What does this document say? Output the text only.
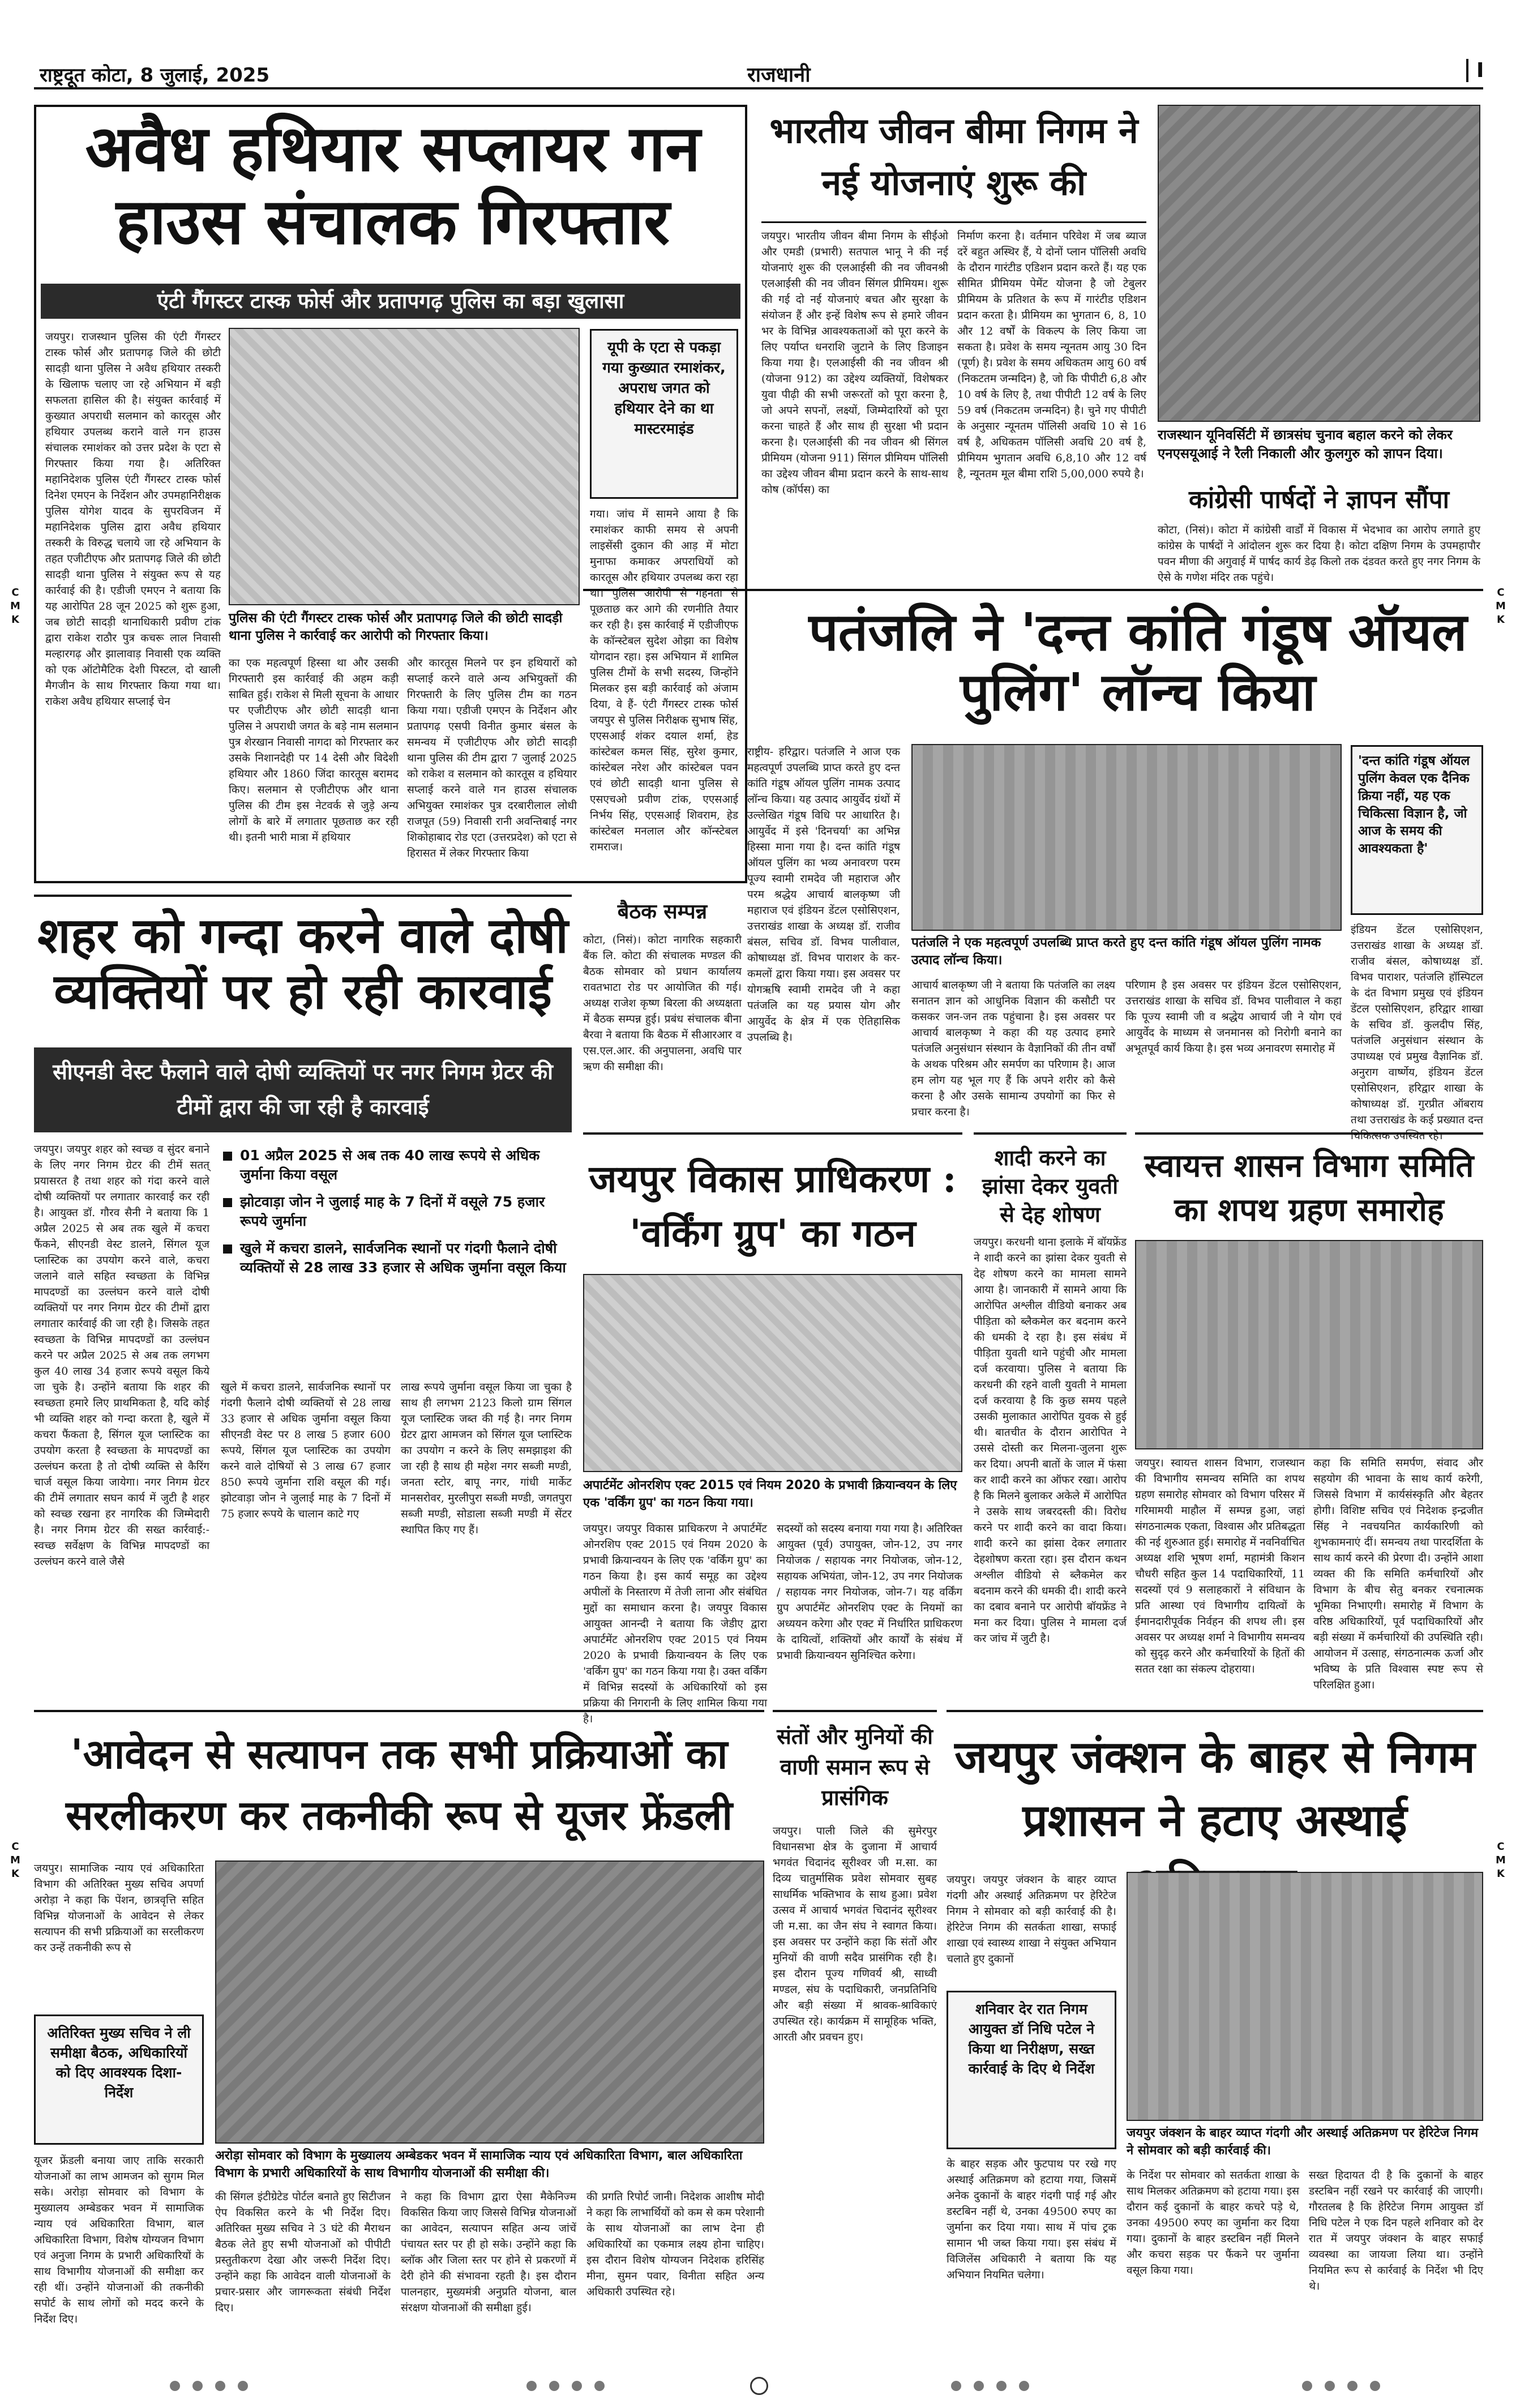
राष्ट्रदूत कोटा, 8 जुलाई, 2025	राजधानी	I
C
M
K
C
M
K
C
M
K
C
M
K
अवैध हथियार सप्लायर गन हाउस संचालक गिरफ्तार
एंटी गैंगस्टर टास्क फोर्स और प्रतापगढ़ पुलिस का बड़ा खुलासा
जयपुर। राजस्थान पुलिस की एंटी गैंगस्टर टास्क फोर्स और प्रतापगढ़ जिले की छोटी सादड़ी थाना पुलिस ने अवैध हथियार तस्करी के खिलाफ चलाए जा रहे अभियान में बड़ी सफलता हासिल की है। संयुक्त कार्रवाई में कुख्यात अपराधी सलमान को कारतूस और हथियार उपलब्ध कराने वाले गन हाउस संचालक रमाशंकर को उत्तर प्रदेश के एटा से गिरफ्तार किया गया है। अतिरिक्त महानिदेशक पुलिस एंटी गैंगस्टर टास्क फोर्स दिनेश एमएन के निर्देशन और उपमहानिरीक्षक पुलिस योगेश यादव के सुपरविजन में महानिदेशक पुलिस द्वारा अवैध हथियार तस्करी के विरुद्ध चलाये जा रहे अभियान के तहत एजीटीएफ और प्रतापगढ़ जिले की छोटी सादड़ी थाना पुलिस ने संयुक्त रूप से यह कार्रवाई की है। एडीजी एमएन ने बताया कि यह आरोपित 28 जून 2025 को शुरू हुआ, जब छोटी सादड़ी थानाधिकारी प्रवीण टांक द्वारा राकेश राठौर पुत्र कचरू लाल निवासी मल्हारगढ़ और झालावाड़ निवासी एक व्यक्ति को एक ऑटोमैटिक देशी पिस्टल, दो खाली मैगजीन के साथ गिरफ्तार किया गया था। राकेश अवैध हथियार सप्लाई चेन
पुलिस की एंटी गैंगस्टर टास्क फोर्स और प्रतापगढ़ जिले की छोटी सादड़ी थाना पुलिस ने कार्रवाई कर आरोपी को गिरफ्तार किया।
यूपी के एटा से पकड़ा गया कुख्यात रमाशंकर, अपराध जगत को हथियार देने का था मास्टरमाइंड
का एक महत्वपूर्ण हिस्सा था और उसकी गिरफ्तारी इस कार्रवाई की अहम कड़ी साबित हुई। राकेश से मिली सूचना के आधार पर एजीटीएफ और छोटी सादड़ी थाना पुलिस ने अपराधी जगत के बड़े नाम सलमान पुत्र शेरखान निवासी नागदा को गिरफ्तार कर उसके निशानदेही पर 14 देसी और विदेशी हथियार और 1860 जिंदा कारतूस बरामद किए। सलमान से एजीटीएफ और थाना पुलिस की टीम इस नेटवर्क से जुड़े अन्य लोगों के बारे में लगातार पूछताछ कर रही थी। इतनी भारी मात्रा में हथियार
और कारतूस मिलने पर इन हथियारों को सप्लाई करने वाले अन्य अभियुक्तों की गिरफ्तारी के लिए पुलिस टीम का गठन किया गया। एडीजी एमएन के निर्देशन और प्रतापगढ़ एसपी विनीत कुमार बंसल के समन्वय में एजीटीएफ और छोटी सादड़ी थाना पुलिस की टीम द्वारा 7 जुलाई 2025 को राकेश व सलमान को कारतूस व हथियार सप्लाई करने वाले गन हाउस संचालक अभियुक्त रमाशंकर पुत्र दरबारीलाल लोधी राजपूत (59) निवासी रानी अवन्तिबाई नगर शिकोहाबाद रोड एटा (उत्तरप्रदेश) को एटा से हिरासत में लेकर गिरफ्तार किया
गया। जांच में सामने आया है कि रमाशंकर काफी समय से अपनी लाइसेंसी दुकान की आड़ में मोटा मुनाफा कमाकर अपराधियों को कारतूस और हथियार उपलब्ध करा रहा था। पुलिस आरोपी से गहनता से पूछताछ कर आगे की रणनीति तैयार कर रही है। इस कार्रवाई में एडीजीएफ के कॉन्स्टेबल सुदेश ओझा का विशेष योगदान रहा। इस अभियान में शामिल पुलिस टीमों के सभी सदस्य, जिन्होंने मिलकर इस बड़ी कार्रवाई को अंजाम दिया, वे हैं- एंटी गैंगस्टर टास्क फोर्स जयपुर से पुलिस निरीक्षक सुभाष सिंह, एएसआई शंकर दयाल शर्मा, हेड कांस्टेबल कमल सिंह, सुरेश कुमार, कांस्टेबल नरेश और कांस्टेबल पवन एवं छोटी सादड़ी थाना पुलिस से एसएचओ प्रवीण टांक, एएसआई निर्भय सिंह, एएसआई शिवराम, हेड कांस्टेबल मनलाल और कॉन्स्टेबल रामराज।
भारतीय जीवन बीमा निगम ने नई योजनाएं शुरू की
जयपुर। भारतीय जीवन बीमा निगम के सीईओ और एमडी (प्रभारी) सतपाल भानू ने की नई योजनाएं शुरू की एलआईसी की नव जीवनश्री एलआईसी की नव जीवन सिंगल प्रीमियम। शुरू की गई दो नई योजनाएं बचत और सुरक्षा के संयोजन हैं और इन्हें विशेष रूप से हमारे जीवन भर के विभिन्न आवश्यकताओं को पूरा करने के लिए पर्याप्त धनराशि जुटाने के लिए डिजाइन किया गया है। एलआईसी की नव जीवन श्री (योजना 912) का उद्देश्य व्यक्तियों, विशेषकर युवा पीढ़ी की सभी जरूरतों को पूरा करना है, जो अपने सपनों, लक्ष्यों, जिम्मेदारियों को पूरा करना चाहते हैं और साथ ही सुरक्षा भी प्रदान करना है। एलआईसी की नव जीवन श्री सिंगल प्रीमियम (योजना 911) सिंगल प्रीमियम पॉलिसी का उद्देश्य जीवन बीमा प्रदान करने के साथ-साथ कोष (कॉर्पस) का
निर्माण करना है। वर्तमान परिवेश में जब ब्याज दरें बहुत अस्थिर हैं, ये दोनों प्लान पॉलिसी अवधि के दौरान गारंटीड एडिशन प्रदान करते हैं। यह एक सीमित प्रीमियम पेमेंट योजना है जो टेबुलर प्रीमियम के प्रतिशत के रूप में गारंटीड एडिशन प्रदान करता है। प्रीमियम का भुगतान 6, 8, 10 और 12 वर्षों के विकल्प के लिए किया जा सकता है। प्रवेश के समय न्यूनतम आयु 30 दिन (पूर्ण) है। प्रवेश के समय अधिकतम आयु 60 वर्ष (निकटतम जन्मदिन) है, जो कि पीपीटी 6,8 और 10 वर्ष के लिए है, तथा पीपीटी 12 वर्ष के लिए 59 वर्ष (निकटतम जन्मदिन) है। चुने गए पीपीटी के अनुसार न्यूनतम पॉलिसी अवधि 10 से 16 वर्ष है, अधिकतम पॉलिसी अवधि 20 वर्ष है, प्रीमियम भुगतान अवधि 6,8,10 और 12 वर्ष है, न्यूनतम मूल बीमा राशि 5,00,000 रुपये है।
राजस्थान यूनिवर्सिटी में छात्रसंघ चुनाव बहाल करने को लेकर एनएसयूआई ने रैली निकाली और कुलगुरु को ज्ञापन दिया।
कांग्रेसी पार्षदों ने ज्ञापन सौंपा
कोटा, (निसं)। कोटा में कांग्रेसी वार्डों में विकास में भेदभाव का आरोप लगाते हुए कांग्रेस के पार्षदों ने आंदोलन शुरू कर दिया है। कोटा दक्षिण निगम के उपमहापौर पवन मीणा की अगुवाई में पार्षद कार्य डेढ़ किलो तक दंडवत करते हुए नगर निगम के ऐसे के गणेश मंदिर तक पहुंचे।
पतंजलि ने 'दन्त कांति गंडूष ऑयल पुलिंग' लॉन्च किया
राष्ट्रीय- हरिद्वार। पतंजलि ने आज एक महत्वपूर्ण उपलब्धि प्राप्त करते हुए दन्त कांति गंडूष ऑयल पुलिंग नामक उत्पाद लॉन्च किया। यह उत्पाद आयुर्वेद ग्रंथों में उल्लेखित गंडूष विधि पर आधारित है। आयुर्वेद में इसे 'दिनचर्या' का अभिन्न हिस्सा माना गया है। दन्त कांति गंडूष ऑयल पुलिंग का भव्य अनावरण परम पूज्य स्वामी रामदेव जी महाराज और परम श्रद्धेय आचार्य बालकृष्ण जी महाराज एवं इंडियन डेंटल एसोसिएशन, उत्तराखंड शाखा के अध्यक्ष डॉ. राजीव बंसल, सचिव डॉ. विभव पालीवाल, कोषाध्यक्ष डॉ. विभव पाराशर के कर-कमलों द्वारा किया गया। इस अवसर पर योगऋषि स्वामी रामदेव जी ने कहा पतंजलि का यह प्रयास योग और आयुर्वेद के क्षेत्र में एक ऐतिहासिक उपलब्धि है।
पतंजलि ने एक महत्वपूर्ण उपलब्धि प्राप्त करते हुए दन्त कांति गंडूष ऑयल पुलिंग नामक उत्पाद लॉन्च किया।
'दन्त कांति गंडूष ऑयल पुलिंग केवल एक दैनिक क्रिया नहीं, यह एक चिकित्सा विज्ञान है, जो आज के समय की आवश्यकता है'
आचार्य बालकृष्ण जी ने बताया कि पतंजलि का लक्ष्य सनातन ज्ञान को आधुनिक विज्ञान की कसौटी पर कसकर जन-जन तक पहुंचाना है। इस अवसर पर आचार्य बालकृष्ण ने कहा की यह उत्पाद हमारे पतंजलि अनुसंधान संस्थान के वैज्ञानिकों की तीन वर्षों के अथक परिश्रम और समर्पण का परिणाम है। आज हम लोग यह भूल गए हैं कि अपने शरीर को कैसे करना है और उसके सामान्य उपयोगों का फिर से प्रचार करना है।
परिणाम है इस अवसर पर इंडियन डेंटल एसोसिएशन, उत्तराखंड शाखा के सचिव डॉ. विभव पालीवाल ने कहा कि पूज्य स्वामी जी व श्रद्धेय आचार्य जी ने योग एवं आयुर्वेद के माध्यम से जनमानस को निरोगी बनाने का अभूतपूर्व कार्य किया है। इस भव्य अनावरण समारोह में
इंडियन डेंटल एसोसिएशन, उत्तराखंड शाखा के अध्यक्ष डॉ. राजीव बंसल, कोषाध्यक्ष डॉ. विभव पाराशर, पतंजलि हॉस्पिटल के दंत विभाग प्रमुख एवं इंडियन डेंटल एसोसिएशन, हरिद्वार शाखा के सचिव डॉ. कुलदीप सिंह, पतंजलि अनुसंधान संस्थान के उपाध्यक्ष एवं प्रमुख वैज्ञानिक डॉ. अनुराग वार्ष्णेय, इंडियन डेंटल एसोसिएशन, हरिद्वार शाखा के कोषाध्यक्ष डॉ. गुरप्रीत ऑबराय तथा उत्तराखंड के कई प्रख्यात दन्त चिकित्सक उपस्थित रहे।
बैठक सम्पन्न
कोटा, (निसं)। कोटा नागरिक सहकारी बैंक लि. कोटा की संचालक मण्डल की बैठक सोमवार को प्रधान कार्यालय रावतभाटा रोड पर आयोजित की गई। अध्यक्ष राजेश कृष्ण बिरला की अध्यक्षता में बैठक सम्पन्न हुई। प्रबंध संचालक बीना बैरवा ने बताया कि बैठक में सीआरआर व एस.एल.आर. की अनुपालना, अवधि पार ऋण की समीक्षा की।
शहर को गन्दा करने वाले दोषी व्यक्तियों पर हो रही कारवाई
सीएनडी वेस्ट फैलाने वाले दोषी व्यक्तियों पर नगर निगम ग्रेटर की टीमों द्वारा की जा रही है कारवाई
जयपुर। जयपुर शहर को स्वच्छ व सुंदर बनाने के लिए नगर निगम ग्रेटर की टीमें सतत् प्रयासरत है तथा शहर को गंदा करने वाले दोषी व्यक्तियों पर लगातार कारवाई कर रही है। आयुक्त डॉ. गौरव सैनी ने बताया कि 1 अप्रैल 2025 से अब तक खुले में कचरा फैंकने, सीएनडी वेस्ट डालने, सिंगल यूज प्लास्टिक का उपयोग करने वाले, कचरा जलाने वाले सहित स्वच्छता के विभिन्न मापदण्डों का उल्लंघन करने वाले दोषी व्यक्तियों पर नगर निगम ग्रेटर की टीमों द्वारा लगातार कार्रवाई की जा रही है। जिसके तहत स्वच्छता के विभिन्न मापदण्डों का उल्लंघन करने पर अप्रैल 2025 से अब तक लगभग कुल 40 लाख 34 हजार रूपये वसूल किये जा चुके है। उन्होंने बताया कि शहर की स्वच्छता हमारे लिए प्राथमिकता है, यदि कोई भी व्यक्ति शहर को गन्दा करता है, खुले में कचरा फैंकता है, सिंगल यूज प्लास्टिक का उपयोग करता है स्वच्छता के मापदण्डों का उल्लंघन करता है तो दोषी व्यक्ति से कैरिंग चार्ज वसूल किया जायेगा। नगर निगम ग्रेटर की टीमें लगातार सघन कार्य में जुटी है शहर को स्वच्छ रखना हर नागरिक की जिम्मेदारी है। नगर निगम ग्रेटर की सख्त कार्रवाई:- स्वच्छ सर्वेक्षण के विभिन्न मापदण्डों का उल्लंघन करने वाले जैसे
01 अप्रैल 2025 से अब तक 40 लाख रूपये से अधिक जुर्माना किया वसूल
झोटवाड़ा जोन ने जुलाई माह के 7 दिनों में वसूले 75 हजार रूपये जुर्माना
खुले में कचरा डालने, सार्वजनिक स्थानों पर गंदगी फैलाने दोषी व्यक्तियों से 28 लाख 33 हजार से अधिक जुर्माना वसूल किया
खुले में कचरा डालने, सार्वजनिक स्थानों पर गंदगी फैलाने दोषी व्यक्तियों से 28 लाख 33 हजार से अधिक जुर्माना वसूल किया सीएनडी वेस्ट पर 8 लाख 5 हजार 600 रूपये, सिंगल यूज प्लास्टिक का उपयोग करने वाले दोषियों से 3 लाख 67 हजार 850 रूपये जुर्माना राशि वसूल की गई। झोटवाड़ा जोन ने जुलाई माह के 7 दिनों में 75 हजार रूपये के चालान काटे गए
लाख रूपये जुर्माना वसूल किया जा चुका है साथ ही लगभग 2123 किलो ग्राम सिंगल यूज प्लास्टिक जब्त की गई है। नगर निगम ग्रेटर द्वारा आमजन को सिंगल यूज प्लास्टिक का उपयोग न करने के लिए समझाइश की जा रही है साथ ही महेश नगर सब्जी मण्डी, जनता स्टोर, बापू नगर, गांधी मार्केट मानसरोवर, मुरलीपुरा सब्जी मण्डी, जगतपुरा सब्जी मण्डी, सोडाला सब्जी मण्डी में सेंटर स्थापित किए गए हैं।
जयपुर विकास प्राधिकरण : 'वर्किंग ग्रुप' का गठन
अपार्टमेंट ओनरशिप एक्ट 2015 एवं नियम 2020 के प्रभावी क्रियान्वयन के लिए एक 'वर्किंग ग्रुप' का गठन किया गया।
जयपुर। जयपुर विकास प्राधिकरण ने अपार्टमेंट ओनरशिप एक्ट 2015 एवं नियम 2020 के प्रभावी क्रियान्वयन के लिए एक 'वर्किंग ग्रुप' का गठन किया है। इस कार्य समूह का उद्देश्य अपीलों के निस्तारण में तेजी लाना और संबंधित मुद्दों का समाधान करना है। जयपुर विकास आयुक्त आनन्दी ने बताया कि जेडीए द्वारा अपार्टमेंट ओनरशिप एक्ट 2015 एवं नियम 2020 के प्रभावी क्रियान्वयन के लिए एक 'वर्किंग ग्रुप' का गठन किया गया है। उक्त वर्किंग में विभिन्न सदस्यों के अधिकारियों को इस प्रक्रिया की निगरानी के लिए शामिल किया गया है।
सदस्यों को सदस्य बनाया गया गया है। अतिरिक्त आयुक्त (पूर्व) उपायुक्त, जोन-12, उप नगर नियोजक / सहायक नगर नियोजक, जोन-12, सहायक अभियंता, जोन-12, उप नगर नियोजक / सहायक नगर नियोजक, जोन-7। यह वर्किंग ग्रुप अपार्टमेंट ओनरशिप एक्ट के नियमों का अध्ययन करेगा और एक्ट में निर्धारित प्राधिकरण के दायित्वों, शक्तियों और कार्यों के संबंध में प्रभावी क्रियान्वयन सुनिश्चित करेगा।
शादी करने का झांसा देकर युवती से देह शोषण
जयपुर। करधनी थाना इलाके में बॉयफ्रेंड ने शादी करने का झांसा देकर युवती से देह शोषण करने का मामला सामने आया है। जानकारी में सामने आया कि आरोपित अश्लील वीडियो बनाकर अब पीड़िता को ब्लैकमेल कर बदनाम करने की धमकी दे रहा है। इस संबंध में पीड़िता युवती थाने पहुंची और मामला दर्ज करवाया। पुलिस ने बताया कि करधनी की रहने वाली युवती ने मामला दर्ज करवाया है कि कुछ समय पहले उसकी मुलाकात आरोपित युवक से हुई थी। बातचीत के दौरान आरोपित ने उससे दोस्ती कर मिलना-जुलना शुरू कर दिया। अपनी बातों के जाल में फंसा कर शादी करने का ऑफर रखा। आरोप है कि मिलने बुलाकर अकेले में आरोपित ने उसके साथ जबरदस्ती की। विरोध करने पर शादी करने का वादा किया। शादी करने का झांसा देकर लगातार देहशोषण करता रहा। इस दौरान कथन अश्लील वीडियो से ब्लैकमेल कर बदनाम करने की धमकी दी। शादी करने का दबाव बनाने पर आरोपी बॉयफ्रेंड ने मना कर दिया। पुलिस ने मामला दर्ज कर जांच में जुटी है।
स्वायत्त शासन विभाग समिति का शपथ ग्रहण समारोह
जयपुर। स्वायत्त शासन विभाग, राजस्थान की विभागीय समन्वय समिति का शपथ ग्रहण समारोह सोमवार को विभाग परिसर में गरिमामयी माहौल में सम्पन्न हुआ, जहां संगठनात्मक एकता, विश्वास और प्रतिबद्धता की नई शुरुआत हुई। समारोह में नवनिर्वाचित अध्यक्ष शशि भूषण शर्मा, महामंत्री किशन चौधरी सहित कुल 14 पदाधिकारियों, 11 सदस्यों एवं 9 सलाहकारों ने संविधान के प्रति आस्था एवं विभागीय दायित्वों के ईमानदारीपूर्वक निर्वहन की शपथ ली। इस अवसर पर अध्यक्ष शर्मा ने विभागीय समन्वय को सुदृढ़ करने और कर्मचारियों के हितों की सतत रक्षा का संकल्प दोहराया।
कहा कि समिति समर्पण, संवाद और सहयोग की भावना के साथ कार्य करेगी, जिससे विभाग में कार्यसंस्कृति और बेहतर होगी। विशिष्ट सचिव एवं निदेशक इन्द्रजीत सिंह ने नवचयनित कार्यकारिणी को शुभकामनाएं दीं। समन्वय तथा पारदर्शिता के साथ कार्य करने की प्रेरणा दी। उन्होंने आशा व्यक्त की कि समिति कर्मचारियों और विभाग के बीच सेतु बनकर रचनात्मक भूमिका निभाएगी। समारोह में विभाग के वरिष्ठ अधिकारियों, पूर्व पदाधिकारियों और बड़ी संख्या में कर्मचारियों की उपस्थिति रही। आयोजन में उत्साह, संगठनात्मक ऊर्जा और भविष्य के प्रति विश्वास स्पष्ट रूप से परिलक्षित हुआ।
'आवेदन से सत्यापन तक सभी प्रक्रियाओं का सरलीकरण कर तकनीकी रूप से यूजर फ्रेंडली
जयपुर। सामाजिक न्याय एवं अधिकारिता विभाग की अतिरिक्त मुख्य सचिव अपर्णा अरोड़ा ने कहा कि पेंशन, छात्रवृत्ति सहित विभिन्न योजनाओं के आवेदन से लेकर सत्यापन की सभी प्रक्रियाओं का सरलीकरण कर उन्हें तकनीकी रूप से
अतिरिक्त मुख्य सचिव ने ली समीक्षा बैठक, अधिकारियों को दिए आवश्यक दिशा-निर्देश
अरोड़ा सोमवार को विभाग के मुख्यालय अम्बेडकर भवन में सामाजिक न्याय एवं अधिकारिता विभाग, बाल अधिकारिता विभाग के प्रभारी अधिकारियों के साथ विभागीय योजनाओं की समीक्षा की।
यूजर फ्रेंडली बनाया जाए ताकि सरकारी योजनाओं का लाभ आमजन को सुगम मिल सके। अरोड़ा सोमवार को विभाग के मुख्यालय अम्बेडकर भवन में सामाजिक न्याय एवं अधिकारिता विभाग, बाल अधिकारिता विभाग, विशेष योग्यजन विभाग एवं अनुजा निगम के प्रभारी अधिकारियों के साथ विभागीय योजनाओं की समीक्षा कर रही थीं। उन्होंने योजनाओं की तकनीकी सपोर्ट के साथ लोगों को मदद करने के निर्देश दिए।
की सिंगल इंटीग्रेटेड पोर्टल बनाते हुए सिटीजन ऐप विकसित करने के भी निर्देश दिए। अतिरिक्त मुख्य सचिव ने 3 घंटे की मैराथन बैठक लेते हुए सभी योजनाओं को पीपीटी प्रस्तुतीकरण देखा और जरूरी निर्देश दिए। उन्होंने कहा कि आवेदन वाली योजनाओं के प्रचार-प्रसार और जागरूकता संबंधी निर्देश दिए।
ने कहा कि विभाग द्वारा ऐसा मैकेनिज्म विकसित किया जाए जिससे विभिन्न योजनाओं का आवेदन, सत्यापन सहित अन्य जांचें पंचायत स्तर पर ही हो सके। उन्होंने कहा कि ब्लॉक और जिला स्तर पर होने से प्रकरणों में देरी होने की संभावना रहती है। इस दौरान पालनहार, मुख्यमंत्री अनुप्रति योजना, बाल संरक्षण योजनाओं की समीक्षा हुई।
की प्रगति रिपोर्ट जानी। निदेशक आशीष मोदी ने कहा कि लाभार्थियों को कम से कम परेशानी के साथ योजनाओं का लाभ देना ही अधिकारियों का एकमात्र लक्ष्य होना चाहिए। इस दौरान विशेष योग्यजन निदेशक हरिसिंह मीना, सुमन पवार, विनीता सहित अन्य अधिकारी उपस्थित रहे।
संतों और मुनियों की वाणी समान रूप से प्रासंगिक
जयपुर। पाली जिले की सुमेरपुर विधानसभा क्षेत्र के दुजाना में आचार्य भगवंत चिदानंद सूरीश्वर जी म.सा. का दिव्य चातुर्मासिक प्रवेश सोमवार सुबह साधर्मिक भक्तिभाव के साथ हुआ। प्रवेश उत्सव में आचार्य भगवंत चिदानंद सूरीश्वर जी म.सा. का जैन संघ ने स्वागत किया। इस अवसर पर उन्होंने कहा कि संतों और मुनियों की वाणी सदैव प्रासंगिक रही है। इस दौरान पूज्य गणिवर्य श्री, साध्वी मण्डल, संघ के पदाधिकारी, जनप्रतिनिधि और बड़ी संख्या में श्रावक-श्राविकाएं उपस्थित रहे। कार्यक्रम में सामूहिक भक्ति, आरती और प्रवचन हुए।
जयपुर जंक्शन के बाहर से निगम प्रशासन ने हटाए अस्थाई
जयपुर। जयपुर जंक्शन के बाहर व्याप्त गंदगी और अस्थाई अतिक्रमण पर हेरिटेज निगम ने सोमवार को बड़ी कार्रवाई की है। हेरिटेज निगम की सतर्कता शाखा, सफाई शाखा एवं स्वास्थ्य शाखा ने संयुक्त अभियान चलाते हुए दुकानों
शनिवार देर रात निगम आयुक्त डॉ निधि पटेल ने किया था निरीक्षण, सख्त कार्रवाई के दिए थे निर्देश
जयपुर जंक्शन के बाहर व्याप्त गंदगी और अस्थाई अतिक्रमण पर हेरिटेज निगम ने सोमवार को बड़ी कार्रवाई की।
के बाहर सड़क और फुटपाथ पर रखे गए अस्थाई अतिक्रमण को हटाया गया, जिसमें अनेक दुकानों के बाहर गंदगी पाई गई और डस्टबिन नहीं थे, उनका 49500 रुपए का जुर्माना कर दिया गया। साथ में पांच ट्रक सामान भी जब्त किया गया। इस संबंध में विजिलेंस अधिकारी ने बताया कि यह अभियान नियमित चलेगा।
के निर्देश पर सोमवार को सतर्कता शाखा के साथ मिलकर अतिक्रमण को हटाया गया। इस दौरान कई दुकानों के बाहर कचरे पड़े थे, उनका 49500 रुपए का जुर्माना कर दिया गया। दुकानों के बाहर डस्टबिन नहीं मिलने और कचरा सड़क पर फैंकने पर जुर्माना वसूल किया गया।
सख्त हिदायत दी है कि दुकानों के बाहर डस्टबिन नहीं रखने पर कार्रवाई की जाएगी। गौरतलब है कि हेरिटेज निगम आयुक्त डॉ निधि पटेल ने एक दिन पहले शनिवार को देर रात में जयपुर जंक्शन के बाहर सफाई व्यवस्था का जायजा लिया था। उन्होंने नियमित रूप से कार्रवाई के निर्देश भी दिए थे।
